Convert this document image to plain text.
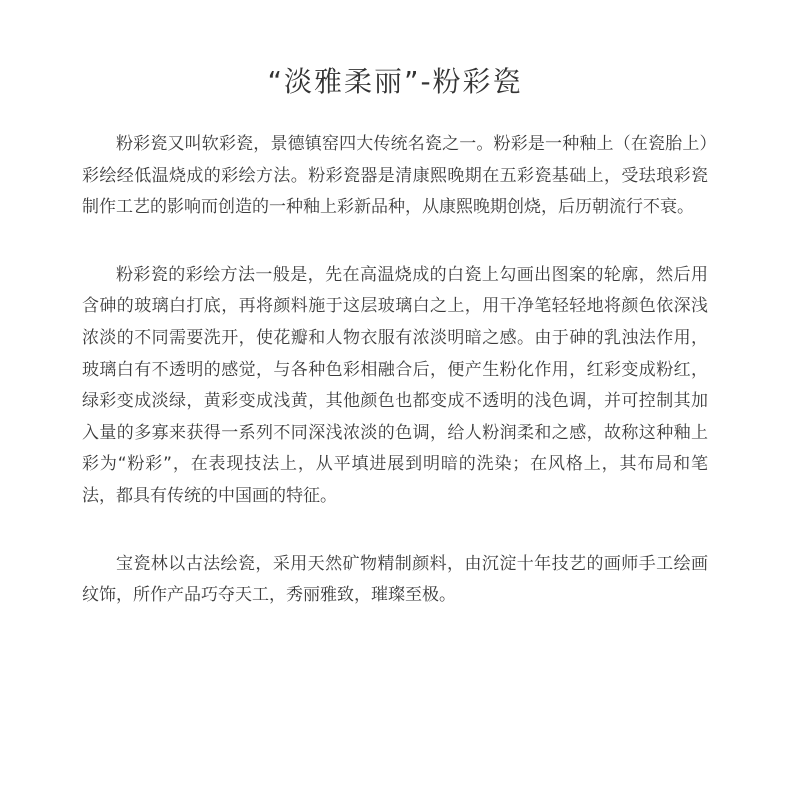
“淡雅柔丽”-粉彩瓷

粉彩瓷又叫软彩瓷，景德镇窑四大传统名瓷之一。粉彩是一种釉上（在瓷胎上）彩绘经低温烧成的彩绘方法。粉彩瓷器是清康熙晚期在五彩瓷基础上，受珐琅彩瓷制作工艺的影响而创造的一种釉上彩新品种，从康熙晚期创烧，后历朝流行不衰。

粉彩瓷的彩绘方法一般是，先在高温烧成的白瓷上勾画出图案的轮廓，然后用含砷的玻璃白打底，再将颜料施于这层玻璃白之上，用干净笔轻轻地将颜色依深浅浓淡的不同需要洗开，使花瓣和人物衣服有浓淡明暗之感。由于砷的乳浊法作用，玻璃白有不透明的感觉，与各种色彩相融合后，便产生粉化作用，红彩变成粉红，绿彩变成淡绿，黄彩变成浅黄，其他颜色也都变成不透明的浅色调，并可控制其加入量的多寡来获得一系列不同深浅浓淡的色调，给人粉润柔和之感，故称这种釉上彩为“粉彩”，在表现技法上，从平填进展到明暗的洗染；在风格上，其布局和笔法，都具有传统的中国画的特征。

宝瓷林以古法绘瓷，采用天然矿物精制颜料，由沉淀十年技艺的画师手工绘画纹饰，所作产品巧夺天工，秀丽雅致，璀璨至极。
